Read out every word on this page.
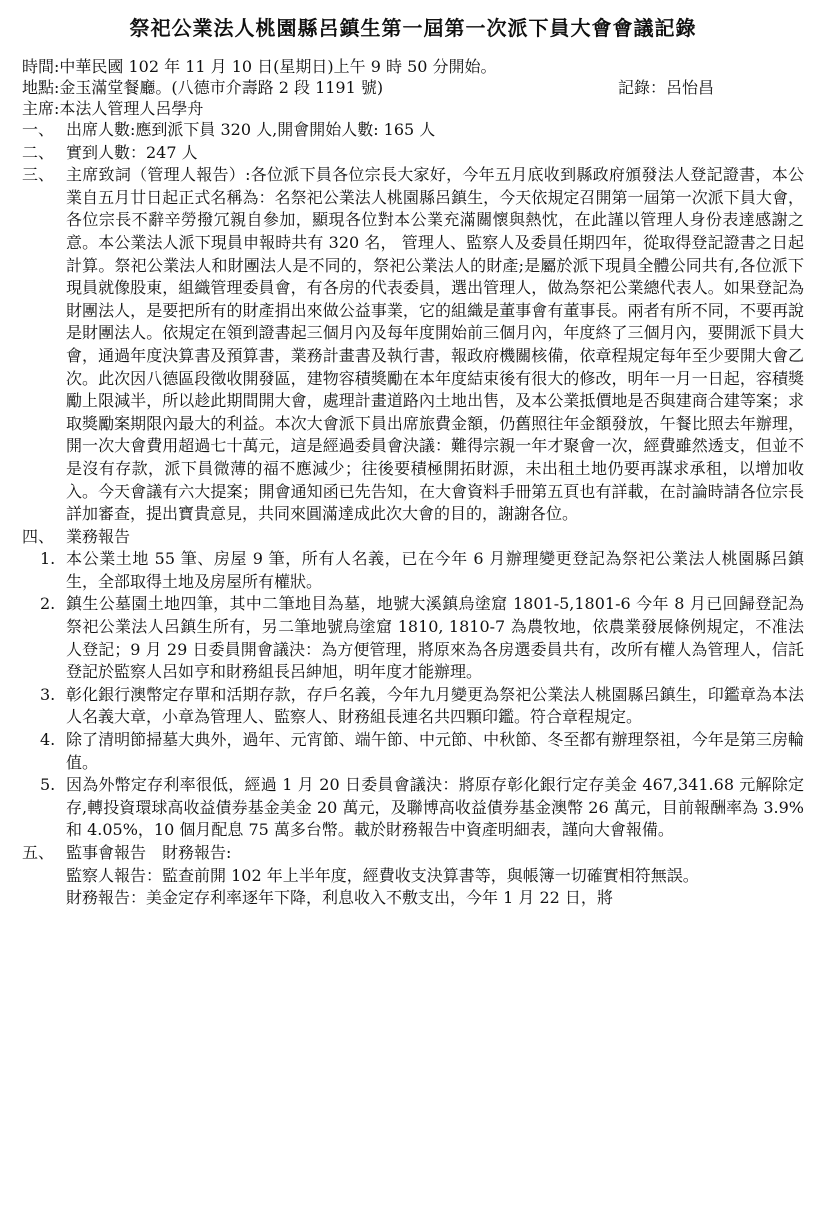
祭祀公業法人桃園縣呂鎮生第一屆第一次派下員大會會議記錄
時間:中華民國 102 年 11 月 10 日(星期日)上午 9 時 50 分開始。
地點:金玉滿堂餐廳。(八德市介壽路 2 段 1191 號)	記錄：呂怡昌
主席:本法人管理人呂學舟
一、 出席人數:應到派下員 320 人,開會開始人數: 165 人
二、 實到人數：247 人
三、 主席致詞（管理人報告）:各位派下員各位宗長大家好，今年五月底收到縣政府頒發法人登記證書，本公業自五月廿日起正式名稱為：名祭祀公業法人桃園縣呂鎮生，今天依規定召開第一屆第一次派下員大會，各位宗長不辭辛勞撥冗親自參加，顯現各位對本公業充滿關懷與熱忱，在此謹以管理人身份表達感謝之意。本公業法人派下現員申報時共有 320 名， 管理人、監察人及委員任期四年，從取得登記證書之日起計算。祭祀公業法人和財團法人是不同的，祭祀公業法人的財產;是屬於派下現員全體公同共有,各位派下 現員就像股東，組織管理委員會，有各房的代表委員，選出管理人，做為祭祀公業總代表人。如果登記為財團法人，是要把所有的財產捐出來做公益事業，它的組織是董事會有董事長。兩者有所不同，不要再說是財團法人。依規定在領到證書起三個月內及每年度開始前三個月內，年度終了三個月內，要開派下員大會，通過年度決算書及預算書，業務計畫書及執行書，報政府機關核備，依章程規定每年至少要開大會乙次。此次因八德區段徵收開發區，建物容積獎勵在本年度結束後有很大的修改，明年一月一日起，容積獎勵上限減半，所以趁此期間開大會，處理計畫道路內土地出售，及本公業抵價地是否與建商合建等案；求取獎勵案期限內最大的利益。本次大會派下員出席旅費金額，仍舊照往年金額發放，午餐比照去年辦理，開一次大會費用超過七十萬元，這是經過委員會決議：難得宗親一年才聚會一次，經費雖然透支，但並不是沒有存款，派下員微薄的福不應減少；往後要積極開拓財源，未出租土地仍要再謀求承租，以增加收入。今天會議有六大提案；開會通知函已先告知，在大會資料手冊第五頁也有詳載，在討論時請各位宗長詳加審查，提出寶貴意見，共同來圓滿達成此次大會的目的，謝謝各位。
四、 業務報告
1. 本公業土地 55 筆、房屋 9 筆，所有人名義，已在今年 6 月辦理變更登記為祭祀公業法人桃園縣呂鎮生，全部取得土地及房屋所有權狀。
2. 鎮生公墓園土地四筆，其中二筆地目為墓，地號大溪鎮烏塗窟 1801-5,1801-6 今年 8 月已回歸登記為祭祀公業法人呂鎮生所有，另二筆地號烏塗窟 1810, 1810-7 為農牧地，依農業發展條例規定，不准法人登記；9 月 29 日委員開會議決：為方便管理，將原來為各房選委員共有，改所有權人為管理人，信託登記於監察人呂如亨和財務組長呂紳旭，明年度才能辦理。
3. 彰化銀行澳幣定存單和活期存款，存戶名義，今年九月變更為祭祀公業法人桃園縣呂鎮生，印鑑章為本法人名義大章，小章為管理人、監察人、財務組長連名共四顆印鑑。符合章程規定。
4. 除了清明節掃墓大典外，過年、元宵節、端午節、中元節、中秋節、冬至都有辦理祭祖，今年是第三房輪值。
5. 因為外幣定存利率很低，經過 1 月 20 日委員會議決：將原存彰化銀行定存美金 467,341.68 元解除定存,轉投資環球高收益債券基金美金 20 萬元，及聯博高收益債券基金澳幣 26 萬元，目前報酬率為 3.9%和 4.05%，10 個月配息 75 萬多台幣。載於財務報告中資產明細表，謹向大會報備。
五、 監事會報告　財務報告:

監察人報告：監查前開 102 年上半年度，經費收支決算書等，與帳簿一切確實相符無誤。

財務報告：美金定存利率逐年下降，利息收入不敷支出，今年 1 月 22 日，將
